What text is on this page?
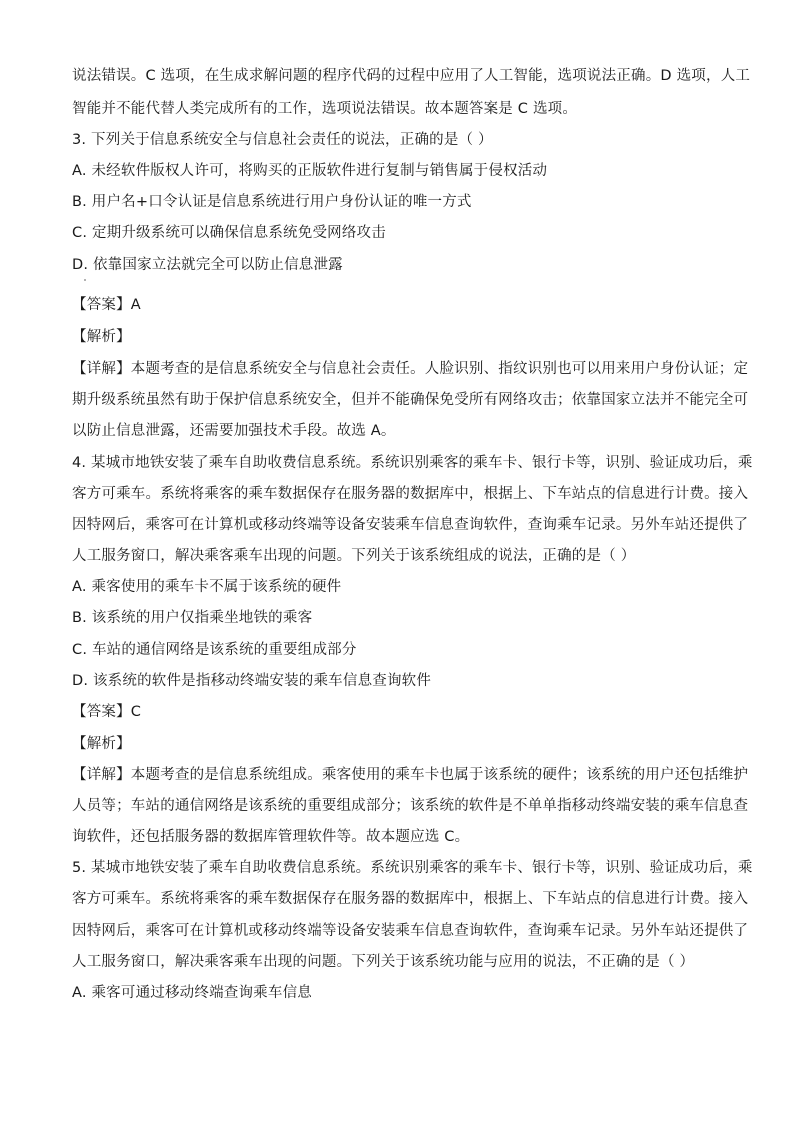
说法错误。C 选项，在生成求解问题的程序代码的过程中应用了人工智能，选项说法正确。D 选项，人工
智能并不能代替人类完成所有的工作，选项说法错误。故本题答案是 C 选项。
3. 下列关于信息系统安全与信息社会责任的说法，正确的是（ ）
A. 未经软件版权人许可，将购买的正版软件进行复制与销售属于侵权活动
B. 用户名+口令认证是信息系统进行用户身份认证的唯一方式
C. 定期升级系统可以确保信息系统免受网络攻击
D. 依靠国家立法就完全可以防止信息泄露
【答案】A
【解析】
【详解】本题考查的是信息系统安全与信息社会责任。人脸识别、指纹识别也可以用来用户身份认证；定
期升级系统虽然有助于保护信息系统安全，但并不能确保免受所有网络攻击；依靠国家立法并不能完全可
以防止信息泄露，还需要加强技术手段。故选 A。
4. 某城市地铁安装了乘车自助收费信息系统。系统识别乘客的乘车卡、银行卡等，识别、验证成功后，乘
客方可乘车。系统将乘客的乘车数据保存在服务器的数据库中，根据上、下车站点的信息进行计费。接入
因特网后，乘客可在计算机或移动终端等设备安装乘车信息查询软件，查询乘车记录。另外车站还提供了
人工服务窗口，解决乘客乘车出现的问题。下列关于该系统组成的说法，正确的是（ ）
A. 乘客使用的乘车卡不属于该系统的硬件
B. 该系统的用户仅指乘坐地铁的乘客
C. 车站的通信网络是该系统的重要组成部分
D. 该系统的软件是指移动终端安装的乘车信息查询软件
【答案】C
【解析】
【详解】本题考查的是信息系统组成。乘客使用的乘车卡也属于该系统的硬件；该系统的用户还包括维护
人员等；车站的通信网络是该系统的重要组成部分；该系统的软件是不单单指移动终端安装的乘车信息查
询软件，还包括服务器的数据库管理软件等。故本题应选 C。
5. 某城市地铁安装了乘车自助收费信息系统。系统识别乘客的乘车卡、银行卡等，识别、验证成功后，乘
客方可乘车。系统将乘客的乘车数据保存在服务器的数据库中，根据上、下车站点的信息进行计费。接入
因特网后，乘客可在计算机或移动终端等设备安装乘车信息查询软件，查询乘车记录。另外车站还提供了
人工服务窗口，解决乘客乘车出现的问题。下列关于该系统功能与应用的说法，不正确的是（ ）
A. 乘客可通过移动终端查询乘车信息
